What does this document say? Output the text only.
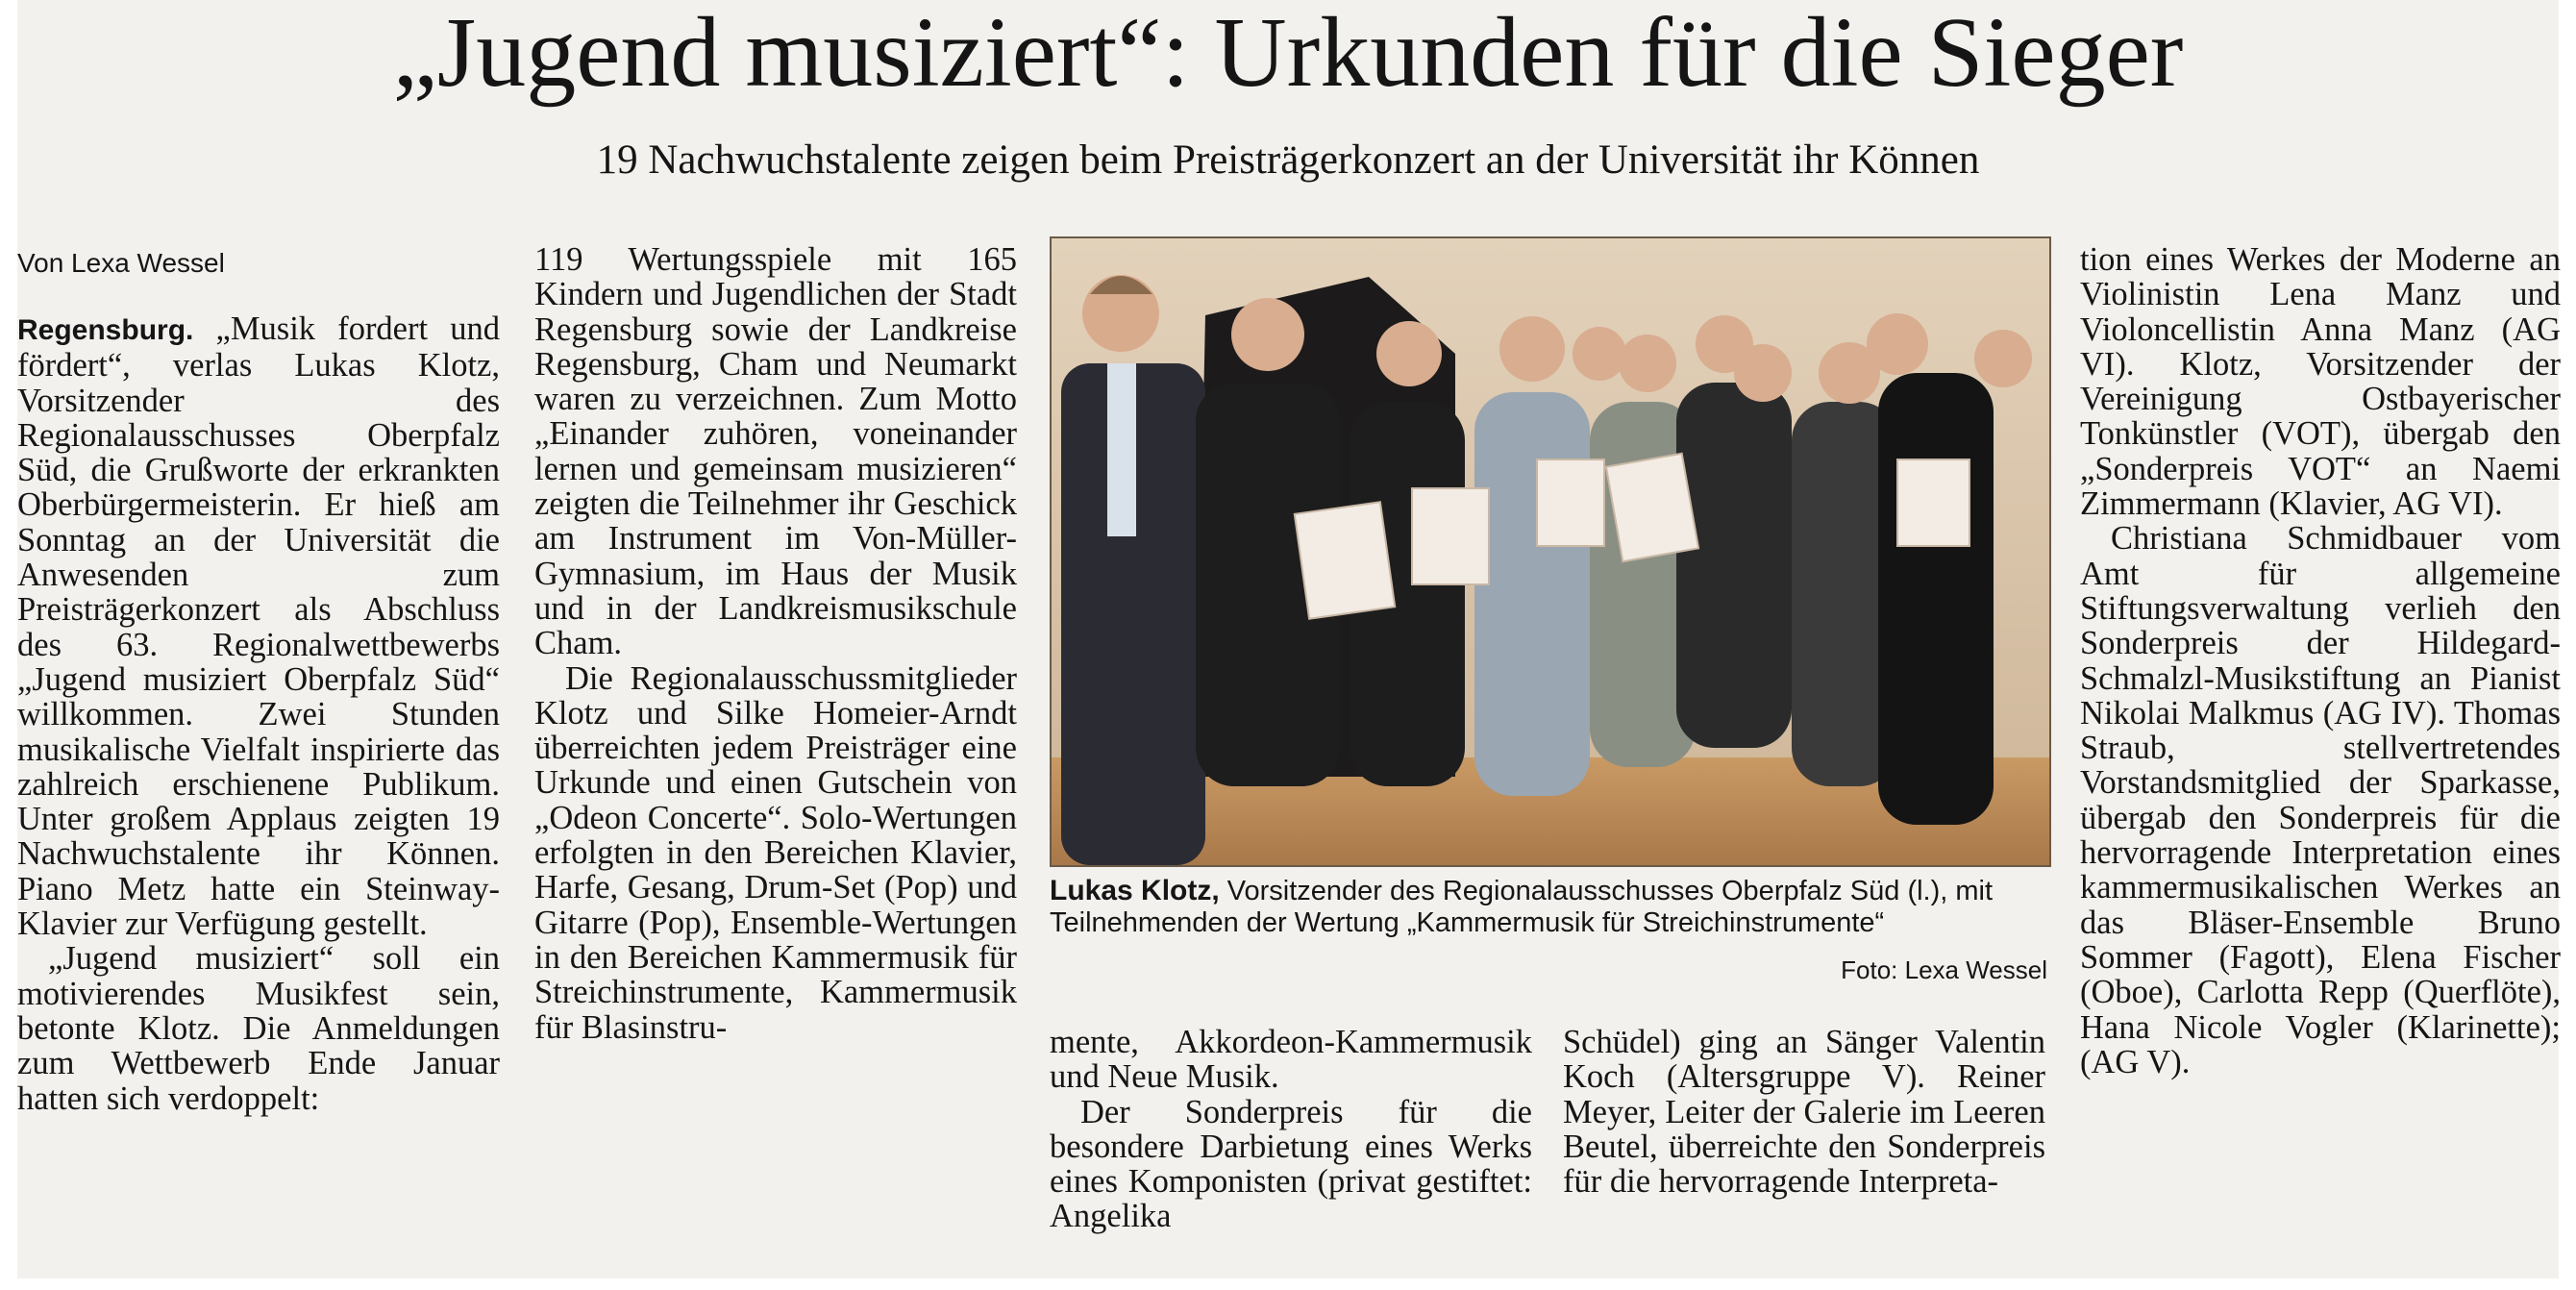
„Jugend musiziert“: Urkunden für die Sieger
19 Nachwuchstalente zeigen beim Preisträgerkonzert an der Universität ihr Können
Von Lexa Wessel

Regensburg. „Musik fordert und fördert“, verlas Lukas Klotz, Vorsitzender des Regionalausschusses Oberpfalz Süd, die Grußworte der erkrankten Oberbürgermeisterin. Er hieß am Sonntag an der Universität die Anwesenden zum Preisträgerkonzert als Abschluss des 63. Regionalwettbewerbs „Jugend musiziert Oberpfalz Süd“ willkommen. Zwei Stunden musikalische Vielfalt inspirierte das zahlreich erschienene Publikum. Unter großem Applaus zeigten 19 Nachwuchstalente ihr Können. Piano Metz hatte ein Steinway-Klavier zur Verfügung gestellt.

„Jugend musiziert“ soll ein motivierendes Musikfest sein, betonte Klotz. Die Anmeldungen zum Wettbewerb Ende Januar hatten sich verdoppelt:

119 Wertungsspiele mit 165 Kindern und Jugendlichen der Stadt Regensburg sowie der Landkreise Regensburg, Cham und Neumarkt waren zu verzeichnen. Zum Motto „Einander zuhören, voneinander lernen und gemeinsam musizieren“ zeigten die Teilnehmer ihr Geschick am Instrument im Von-Müller-Gymnasium, im Haus der Musik und in der Landkreismusikschule Cham.

Die Regionalausschussmitglieder Klotz und Silke Homeier-Arndt überreichten jedem Preisträger eine Urkunde und einen Gutschein von „Odeon Concerte“. Solo-Wertungen erfolgten in den Bereichen Klavier, Harfe, Gesang, Drum-Set (Pop) und Gitarre (Pop), Ensemble-Wertungen in den Bereichen Kammermusik für Streichinstrumente, Kammermusik für Blasinstru-

Lukas Klotz, Vorsitzender des Regionalausschusses Oberpfalz Süd (l.), mit Teilnehmenden der Wertung „Kammermusik für Streichinstrumente“
Foto: Lexa Wessel

mente, Akkordeon-Kammermusik und Neue Musik.

Der Sonderpreis für die besondere Darbietung eines Werks eines Komponisten (privat gestiftet: Angelika

Schüdel) ging an Sänger Valentin Koch (Altersgruppe V). Reiner Meyer, Leiter der Galerie im Leeren Beutel, überreichte den Sonderpreis für die hervorragende Interpreta-

tion eines Werkes der Moderne an Violinistin Lena Manz und Violoncellistin Anna Manz (AG VI). Klotz, Vorsitzender der Vereinigung Ostbayerischer Tonkünstler (VOT), übergab den „Sonderpreis VOT“ an Naemi Zimmermann (Klavier, AG VI).

Christiana Schmidbauer vom Amt für allgemeine Stiftungsverwaltung verlieh den Sonderpreis der Hildegard-Schmalzl-Musikstiftung an Pianist Nikolai Malkmus (AG IV). Thomas Straub, stellvertretendes Vorstandsmitglied der Sparkasse, übergab den Sonderpreis für die hervorragende Interpretation eines kammermusikalischen Werkes an das Bläser-Ensemble Bruno Sommer (Fagott), Elena Fischer (Oboe), Carlotta Repp (Querflöte), Hana Nicole Vogler (Klarinette); (AG V).
